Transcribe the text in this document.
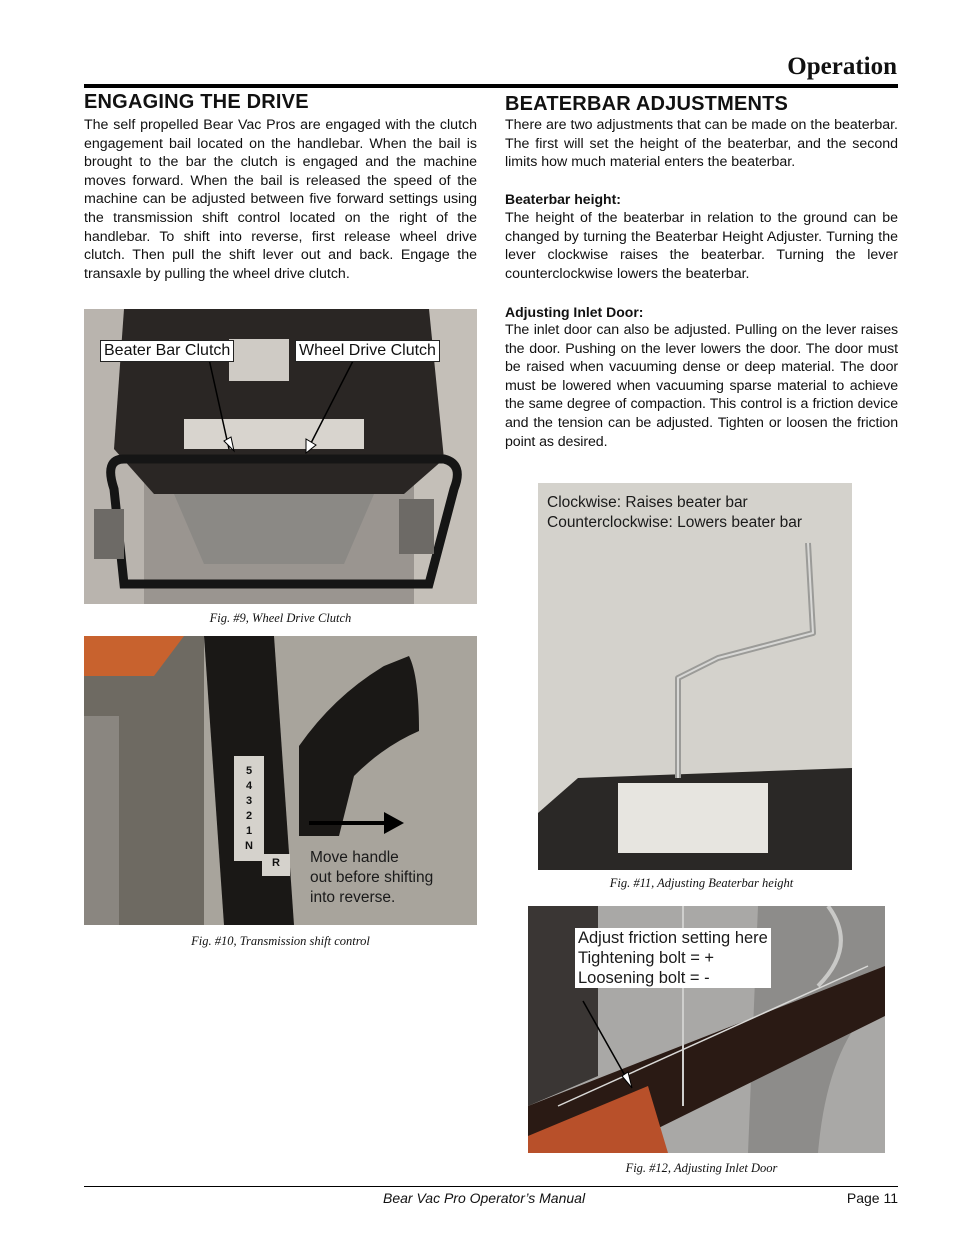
Operation
ENGAGING THE DRIVE

The self propelled Bear Vac Pros are engaged with the clutch engagement bail located on the handlebar. When the bail is brought to the bar the clutch is engaged and the machine moves forward. When the bail is released the speed of the machine can be adjusted between five forward settings using the transmission shift control located on the right of the handlebar. To shift into reverse, first release wheel drive clutch. Then pull the shift lever out and back. Engage the transaxle by pulling the wheel drive clutch.

BEATERBAR ADJUSTMENTS

There are two adjustments that can be made on the beaterbar. The first will set the height of the beaterbar, and the second limits how much material enters the beaterbar.

Beaterbar height:

The height of the beaterbar in relation to the ground can be changed by turning the Beaterbar Height Adjuster. Turning the lever clockwise raises the beaterbar. Turning the lever counterclockwise lowers the beaterbar.

Adjusting Inlet Door:

The inlet door can also be adjusted. Pulling on the lever raises the door. Pushing on the lever lowers the door. The door must be raised when vacuuming dense or deep material. The door must be lowered when vacuuming sparse material to achieve the same degree of compaction. This control is a friction device and the tension can be adjusted. Tighten or loosen the friction point as desired.

Beater Bar Clutch	Wheel Drive Clutch
Fig. #9, Wheel Drive Clutch
5
4
3
2
1
N
R	Move handle
out before shifting
into reverse.
Fig. #10, Transmission shift control
Clockwise: Raises beater bar
Counterclockwise: Lowers beater bar
Fig. #11, Adjusting Beaterbar height
Adjust friction setting here
Tightening bolt = +
Loosening bolt = -
Fig. #12, Adjusting Inlet Door
Bear Vac Pro Operator’s Manual	Page 11
